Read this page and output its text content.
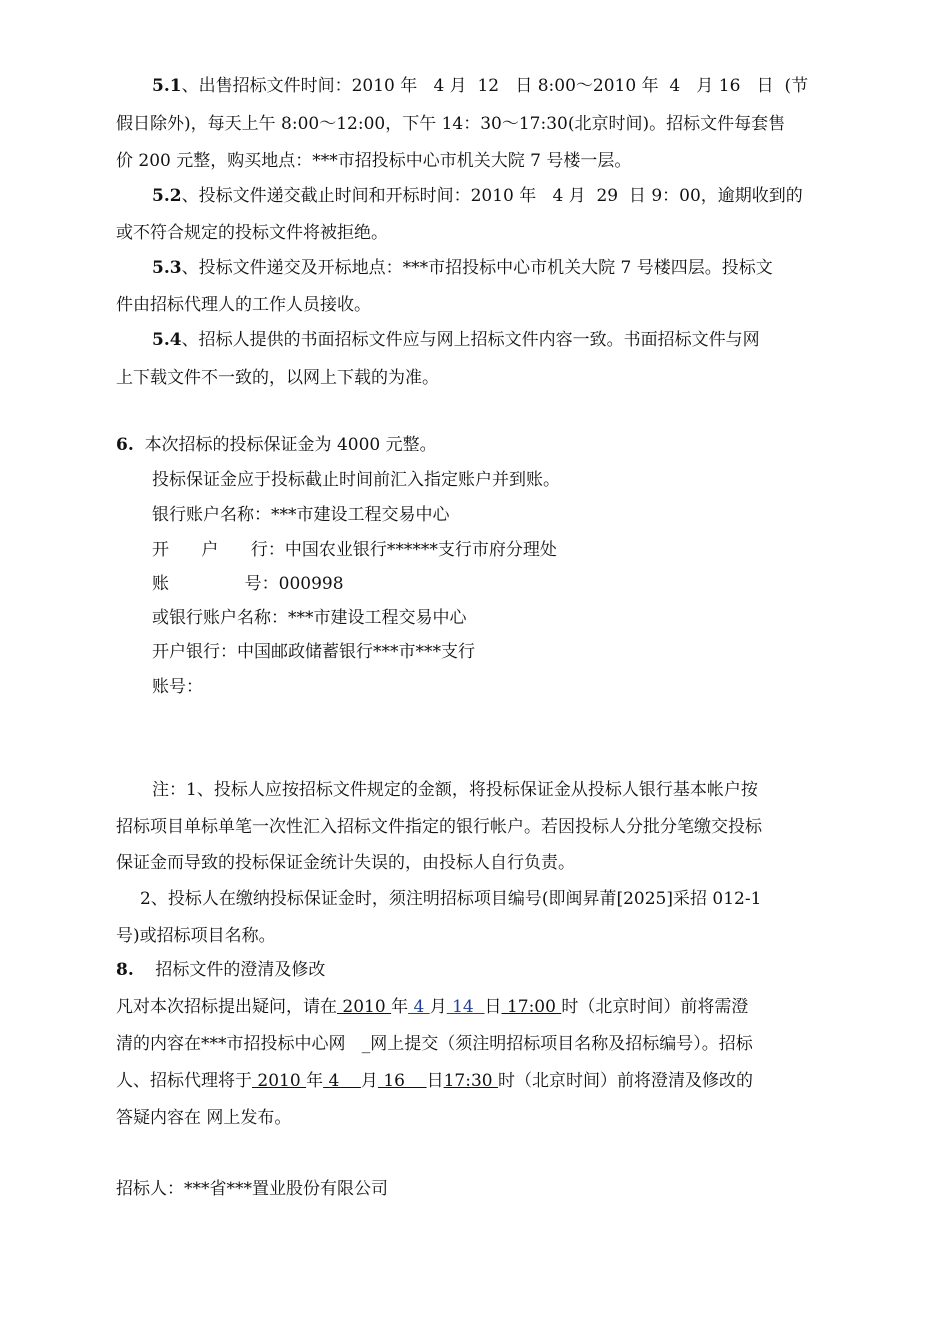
5.1、出售招标文件时间：2010 年   4 月  12   日 8:00～2010 年  4   月 16   日  (节
假日除外)，每天上午 8:00～12:00，下午 14：30～17:30(北京时间)。招标文件每套售
价 200 元整，购买地点：***市招投标中心市机关大院 7 号楼一层。
5.2、投标文件递交截止时间和开标时间：2010 年   4 月  29  日 9：00，逾期收到的
或不符合规定的投标文件将被拒绝。
5.3、投标文件递交及开标地点：***市招投标中心市机关大院 7 号楼四层。投标文
件由招标代理人的工作人员接收。
5.4、招标人提供的书面招标文件应与网上招标文件内容一致。书面招标文件与网
上下载文件不一致的，以网上下载的为准。
6. 本次招标的投标保证金为 4000 元整。
投标保证金应于投标截止时间前汇入指定账户并到账。
银行账户名称：***市建设工程交易中心
开      户      行：中国农业银行******支行市府分理处
账              号：000998
或银行账户名称：***市建设工程交易中心
开户银行：中国邮政储蓄银行***市***支行
账号：
注：1、投标人应按招标文件规定的金额，将投标保证金从投标人银行基本帐户按
招标项目单标单笔一次性汇入招标文件指定的银行帐户。若因投标人分批分笔缴交投标
保证金而导致的投标保证金统计失误的，由投标人自行负责。
2、投标人在缴纳投标保证金时，须注明招标项目编号(即闽昇莆[2025]采招 012-1
号)或招标项目名称。
8. 招标文件的澄清及修改
凡对本次招标提出疑问，请在 2010 年 4 月 14  日 17:00 时（北京时间）前将需澄
清的内容在***市招投标中心网   _网上提交（须注明招标项目名称及招标编号）。招标
人、招标代理将于 2010 年 4    月 16    日17:30 时（北京时间）前将澄清及修改的
答疑内容在 网上发布。
招标人：***省***置业股份有限公司
